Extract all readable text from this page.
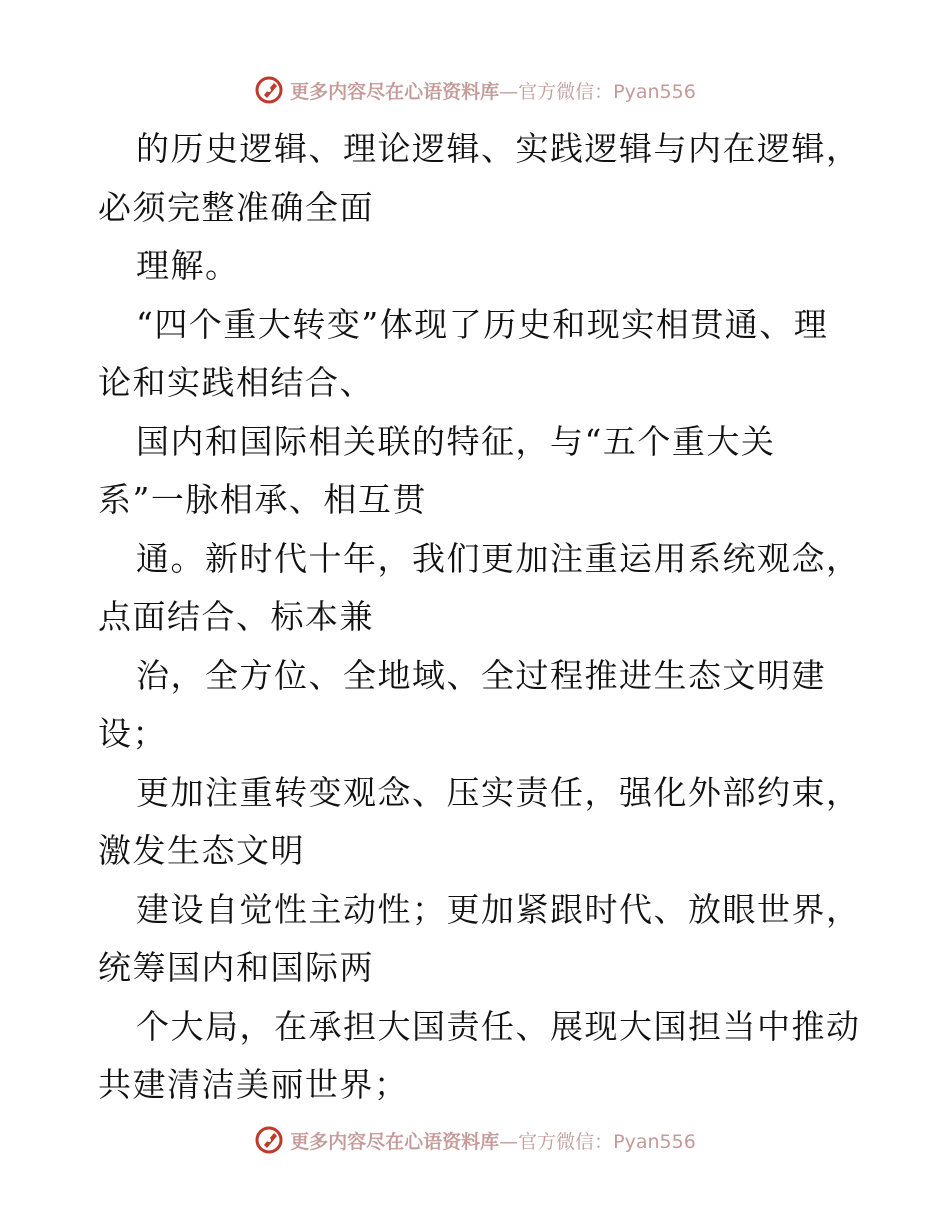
更多内容尽在心语资料库—官方微信：Pyan556
的历史逻辑、理论逻辑、实践逻辑与内在逻辑，
必须完整准确全面
理解。
“四个重大转变”体现了历史和现实相贯通、理
论和实践相结合、
国内和国际相关联的特征，与“五个重大关
系”一脉相承、相互贯
通。新时代十年，我们更加注重运用系统观念，
点面结合、标本兼
治，全方位、全地域、全过程推进生态文明建
设；
更加注重转变观念、压实责任，强化外部约束，
激发生态文明
建设自觉性主动性；更加紧跟时代、放眼世界，
统筹国内和国际两
个大局，在承担大国责任、展现大国担当中推动
共建清洁美丽世界；
更多内容尽在心语资料库—官方微信：Pyan556
